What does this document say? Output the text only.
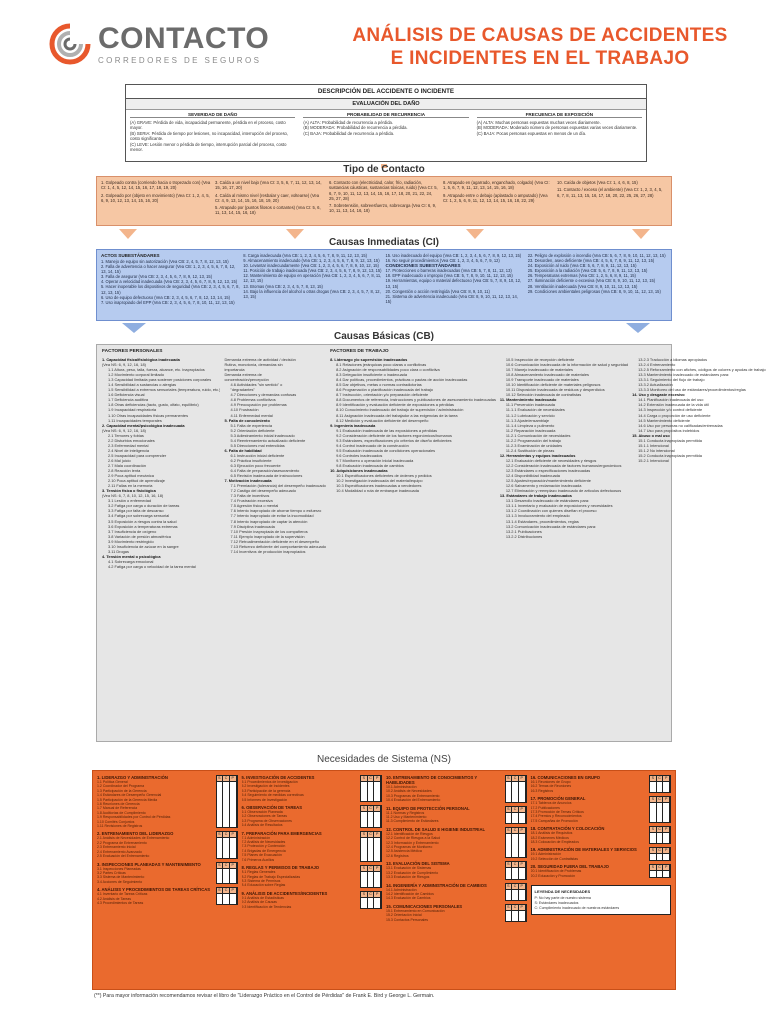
CONTACTO
CORREDORES DE SEGUROS
ANÁLISIS DE CAUSAS DE ACCIDENTES
E INCIDENTES EN EL TRABAJO
DESCRIPCIÓN DEL ACCIDENTE O INCIDENTE
EVALUACIÓN DEL DAÑO
SEVERIDAD DE DAÑO
(A) GRAVE: Pérdida de vida, incapacidad permanente, pérdida en el proceso, costo mayor.
(B) SERIA: Pérdida de tiempo por lesiones, no incapacidad, interrupción del proceso, costo significante.
(C) LEVE: Lesión menor o pérdida de tiempo, interrupción parcial del proceso, costo menor.
PROBABILIDAD DE RECURRENCIA
(A) ALTA: Probabilidad de recurrencia a pérdida.
(B) MODERADA: Probabilidad de recurrencia a pérdida.
(C) BAJA: Probabilidad de recurrencia a pérdida.
FRECUENCIA DE EXPOSICIÓN
(A) ALTA: Muchas personas expuestas muchas veces diariamente.
(B) MODERADA: Moderado número de personas expuestas varias veces diariamente.
(C) BAJA: Pocas personas expuestas en menos de un día.
Tipo de Contacto
1. Golpeado contra (corriendo hacia o tropezado con) (Vea CI: 1, 4, 5, 12, 14, 15, 16, 17, 18, 19, 20)
2. Golpeado por (objeto en movimiento) (Vea CI: 1, 2, 4, 5, 6, 9, 10, 12, 13, 14, 15, 16, 20)
3. Caída a un nivel bajo (Vea CI: 3, 5, 6, 7, 11, 12, 13, 14, 15, 16, 17, 20)
4. Caída al mismo nivel (resbalar y caer, voltearse) (Vea CI: 4, 9, 13, 14, 15, 16, 18, 19, 20)
5. Atrapado por (puntos filosos o cortantes) (Vea CI: 5, 6, 11, 13, 14, 15, 16, 18)
6. Contacto con (electricidad, calor, frío, radiación, sustancias cáusticas, sustancias tóxicas, ruido) (Vea CI: 5, 6, 7, 9, 10, 11, 12, 13, 14, 15, 16, 17, 18, 20, 21, 22, 24, 25, 27, 28)
7. Sobretensión, sobreesfuerzo, sobrecarga (Vea CI: 6, 9, 10, 11, 13, 14, 16, 18)
8. Atrapado en (agarrado, enganchado, colgado) (Vea CI: 1, 5, 6, 7, 9, 11, 12, 13, 14, 15, 16, 18)
9. Atrapado entre o debajo (aplastado o amputado) (Vea CI: 1, 2, 5, 6, 9, 11, 12, 13, 14, 15, 16, 18, 22, 29)
10. Caída de objetos (Vea CI: 1, 4, 6, 8, 15)
11. Contacto / exceso (el ambiente) (Vea CI: 1, 2, 3, 4, 5, 6, 7, 8, 11, 13, 15, 16, 17, 18, 20, 22, 25, 26, 27, 28)
Causas Inmediatas (CI)
ACTOS SUBESTÁNDARES
1. Manejo de equipo sin autorización (Vea CB: 2, 4, 5, 7, 8, 12, 13, 15)
2. Falla de advertencia o hacer asegurar (Vea CB: 1, 2, 3, 4, 5, 6, 7, 8, 12, 13, 14, 15)
3. Falla de asegurar (Vea CB: 2, 3, 4, 5, 6, 7, 8, 9, 12, 13, 15)
4. Operar a velocidad inadecuada (Vea CB: 2, 3, 4, 5, 6, 7, 8, 9, 12, 13, 15)
5. Hacer inoperable los dispositivos de seguridad (Vea CB: 2, 3, 4, 5, 6, 7, 8, 12, 13, 15)
6. Uso de equipo defectuoso (Vea CB: 2, 3, 4, 5, 6, 7, 8, 12, 13, 14, 15)
7. Uso inapropiado del EPP (Vea CB: 2, 3, 4, 5, 6, 7, 8, 10, 11, 12, 13, 15)
8. Carga inadecuada (Vea CB: 1, 2, 3, 4, 5, 6, 7, 8, 9, 11, 12, 13, 15)
9. Almacenamiento inadecuado (Vea CB: 1, 2, 3, 4, 5, 6, 7, 8, 9, 12, 13, 15)
10. Levantar inadecuadamente (Vea CB: 1, 2, 3, 4, 5, 6, 7, 8, 9, 10, 12, 15)
11. Posición de trabajo inadecuada (Vea CB: 2, 3, 4, 5, 6, 7, 8, 9, 12, 13, 15)
12. Mantenimiento de equipo en operación (Vea CB: 1, 2, 3, 4, 5, 6, 7, 8, 11, 12, 13, 15)
13. Bromas (Vea CB: 2, 3, 4, 5, 7, 8, 13, 15)
14. Bajo la influencia del alcohol u otras drogas (Vea CB: 2, 3, 4, 5, 7, 8, 12, 13, 15)
15. Uso inadecuado del equipo (Vea CB: 1, 2, 3, 4, 5, 6, 7, 8, 9, 12, 13, 15)
16. No seguir procedimientos (Vea CB: 1, 2, 3, 4, 5, 6, 7, 9, 12)
CONDICIONES SUBESTÁNDARES
17. Protecciones o barreras inadecuadas (Vea CB: 5, 7, 8, 11, 12, 13)
18. EPP inadecuado o impropio (Vea CB: 5, 7, 8, 9, 10, 11, 12, 13, 15)
19. Herramientas, equipo o material defectuoso (Vea CB: 5, 7, 8, 9, 10, 12, 13, 15)
20. Congestión o acción restringida (Vea CB: 8, 9, 10, 11)
21. Sistema de advertencia inadecuado (Vea CB: 8, 9, 10, 11, 12, 13, 14, 15)
22. Peligro de explosión o incendio (Vea CB: 5, 6, 7, 8, 9, 10, 11, 12, 13, 15)
23. Desorden, aseo deficiente (Vea CB: 4, 5, 6, 7, 8, 9, 11, 12, 13, 15)
24. Exposición al ruido (Vea CB: 5, 6, 7, 8, 9, 11, 12, 13, 15)
25. Exposición a la radiación (Vea CB: 5, 6, 7, 8, 9, 11, 12, 13, 15)
26. Temperaturas extremas (Vea CB: 1, 2, 5, 6, 8, 9, 11, 15)
27. Iluminación deficiente o excesiva (Vea CB: 8, 9, 10, 11, 12, 13, 15)
28. Ventilación inadecuada (Vea CB: 8, 9, 10, 11, 12, 13, 15)
29. Condiciones ambientales peligrosas (Vea CB: 8, 9, 10, 11, 12, 13, 15)
Causas Básicas (CB)
FACTORES PERSONALES
1. Capacidad física/fisiológica inadecuada
(Vea NS: 6, 9, 12, 16, 18)
1.1 Altura, peso, talla, fuerza, alcance, etc. inapropiados
1.2 Movimiento corporal limitado
1.3 Capacidad limitada para sostener posiciones corporales
1.4 Sensibilidad a sustancias o alergias
1.5 Sensibilidad a extremos sensoriales (temperatura, ruido, etc.)
1.6 Deficiencia visual
1.7 Deficiencia auditiva
1.8 Otras deficiencias (tacto, gusto, olfato, equilibrio)
1.9 Incapacidad respiratoria
1.10 Otras incapacidades físicas permanentes
1.11 Incapacidades temporales
2. Capacidad mental/psicológica inadecuada
(Vea NS: 6, 9, 12, 16, 18)
2.1 Temores y fobias
2.2 Disturbios emocionales
2.3 Enfermedad mental
2.4 Nivel de inteligencia
2.5 Incapacidad para comprender
2.6 Mal juicio
2.7 Mala coordinación
2.8 Reacción lenta
2.9 Poca aptitud mecánica
2.10 Poca aptitud de aprendizaje
2.11 Fallas en la memoria
3. Tensión física o fisiológica
(Vea NS: 6, 7, 8, 10, 12, 15, 16, 18)
3.1 Lesión o enfermedad
3.2 Fatiga por carga o duración de tareas
3.3 Fatiga por falta de descanso
3.4 Fatiga por sobrecarga sensorial
3.5 Exposición a riesgos contra la salud
3.6 Exposición a temperaturas extremas
3.7 Insuficiencia de oxígeno
3.8 Variación de presión atmosférica
3.9 Movimiento restringido
3.10 Insuficiencia de azúcar en la sangre
3.11 Drogas
4. Tensión mental o psicológica
4.1 Sobrecarga emocional
4.2 Fatiga por carga o velocidad de la tarea mental

Demanda extrema de actividad / decisión
Rutina, monotonía, demandas sin
importancia
Demanda extrema de
concentración/percepción
4.6 Actividades "sin sentido" o
"degradantes"
4.7 Direcciones y demandas confusas
4.8 Problemas conflictivos
4.9 Preocupación por problemas
4.10 Frustración
4.11 Enfermedad mental
5. Falta de conocimiento
5.1 Falta de experiencia
5.2 Orientación deficiente
5.3 Adiestramiento inicial inadecuado
5.4 Reentrenamiento actualizado deficiente
5.5 Direcciones mal entendidas
6. Falta de habilidad
6.1 Instrucción inicial deficiente
6.2 Práctica insuficiente
6.3 Ejecución poco frecuente
6.4 Falta de preparación/asesoramiento
6.5 Revisión inadecuada de instrucciones
7. Motivación inadecuada
7.1 Premiación (tolerancia) del desempeño inadecuado
7.2 Castigo del desempeño adecuado
7.3 Falta de incentivos
7.4 Frustración excesiva
7.5 Agresión física o mental
7.6 Intento inapropiado de ahorrar tiempo o esfuerzo
7.7 Intento inapropiado de evitar la incomodidad
7.8 Intento inapropiado de captar la atención
7.9 Disciplina inadecuada
7.10 Presión inapropiada de los compañeros
7.11 Ejemplo inapropiado de la supervisión
7.12 Retroalimentación deficiente en el desempeño
7.13 Refuerzo deficiente del comportamiento adecuado
7.14 Incentivos de producción inapropiados
FACTORES DE TRABAJO
8. Liderazgo y/o supervisión inadecuados
8.1 Relaciones jerárquicas poco claras o conflictivas
8.2 Asignación de responsabilidades poco clara o conflictiva
8.3 Delegación insuficiente o inadecuada
8.4 Dar políticas, procedimientos, prácticas o pautas de acción inadecuadas
8.5 Dar objetivos, metas o normas contradictorias
8.6 Programación o planificación inadecuada del trabajo
8.7 Instrucción, orientación y/o preparación deficiente
8.8 Documentos de referencia, instrucciones y publicaciones de asesoramiento inadecuadas
8.9 Identificación y evaluación deficiente de exposiciones a pérdidas
8.10 Conocimiento inadecuado del trabajo de supervisión / administración
8.11 Asignación inadecuada del trabajador a las exigencias de la tarea
8.12 Medición y evaluación deficiente del desempeño
9. Ingeniería inadecuada
9.1 Evaluación inadecuada de las exposiciones a pérdidas
9.2 Consideración deficiente de los factores ergonómicos/humanos
9.3 Estándares, especificaciones y/o criterios de diseño deficientes
9.4 Control inadecuado de la construcción
9.5 Evaluación inadecuada de condiciones operacionales
9.6 Controles inadecuados
9.7 Monitoreo u operación inicial inadecuada
9.8 Evaluación inadecuada de cambios
10. Adquisiciones inadecuadas
10.1 Especificaciones deficientes de órdenes y pedidos
10.2 Investigación inadecuada del material/equipo
10.3 Especificaciones inadecuadas a vendedores
10.4 Modalidad o ruta de embarque inadecuada

10.5 Inspección de recepción deficiente
10.6 Comunicación inadecuada de la información de salud y seguridad
10.7 Manejo inadecuado de materiales
10.8 Almacenamiento inadecuado de materiales
10.9 Transporte inadecuado de materiales
10.10 Identificación deficiente de materiales peligrosos
10.11 Disposición inadecuada de residuos y desperdicios
10.12 Selección inadecuada de contratistas
11. Mantenimiento inadecuado
11.1 Prevención inadecuada
11.1.1 Evaluación de necesidades
11.1.2 Lubricación y servicio
11.1.3 Ajuste/ensamblaje
11.1.4 Limpieza o pulimento
11.2 Reparación inadecuada
11.2.1 Comunicación de necesidades
11.2.2 Programación del trabajo
11.2.3 Examinación de unidades
11.2.4 Sustitución de piezas
12. Herramientas y equipos inadecuados
12.1 Evaluación deficiente de necesidades y riesgos
12.2 Consideración inadecuada de factores humanos/ergonómicos
12.3 Estándares o especificaciones inadecuadas
12.4 Disponibilidad inadecuada
12.5 Ajustes/reparación/mantenimiento deficiente
12.6 Salvamento y reclamación inadecuada
12.7 Eliminación y reemplazo inadecuado de artículos defectuosos
13. Estándares de trabajo inadecuados
13.1 Desarrollo inadecuado de estándares para:
13.1.1 Inventario y evaluación de exposiciones y necesidades
13.1.2 Coordinación con quienes diseñan el proceso
13.1.3 Involucramiento del empleado
13.1.4 Estándares, procedimientos, reglas
13.2 Comunicación inadecuada de estándares para:
13.2.1 Publicaciones
13.2.2 Distribuciones

13.2.3 Traducción a idiomas apropiados
13.2.4 Entrenamiento
13.2.5 Reforzamiento con afiches, códigos de colores y ayudas de trabajo
13.3 Mantenimiento inadecuado de estándares para:
13.3.1 Seguimiento del flujo de trabajo
13.3.2 Actualización
13.3.3 Monitoreo del uso de estándares/procedimientos/reglas
14. Uso y desgaste excesivo
14.1 Planificación inadecuada del uso
14.2 Extensión inadecuada de la vida útil
14.3 Inspección y/o control deficiente
14.4 Carga o proporción de uso deficiente
14.5 Mantenimiento deficiente
14.6 Uso por personas no calificadas/entrenadas
14.7 Uso para propósitos indebidos
15. Abuso o mal uso
15.1 Conducta inapropiada permitida
15.1.1 Intencional
15.1.2 No intencional
15.2 Conducta inapropiada permitida
15.2.1 Intencional
Necesidades de Sistema (NS)
1. LIDERAZGO Y ADMINISTRACIÓN
1.1 Política General
1.2 Coordinador del Programa
1.3 Participación de la Gerencia
1.4 Estándares de Desempeño Gerencial
1.5 Participación de la Gerencia Media
1.6 Reuniones de Gerencia
1.7 Manual de Referencia
1.8 Auditorías de Cumplimiento
1.9 Responsabilidades por Control de Pérdidas
1.10 Comités Conjuntos
1.11 Revisiones de Registros
S	C	P
2. ENTRENAMIENTO DEL LIDERAZGO
2.1 Análisis de Necesidades de Entrenamiento
2.2 Programa de Entrenamiento
2.3 Entrenamiento Inicial
2.4 Entrenamiento Avanzado
2.5 Evaluación del Entrenamiento
S	C	P
3. INSPECCIONES PLANEADAS Y MANTENIMIENTO
3.1 Inspecciones Planeadas
3.2 Partes Críticas
3.3 Sistema de Mantenimiento
3.4 Acciones de Seguimiento
S	C	P
4. ANÁLISIS Y PROCEDIMIENTOS DE TAREAS CRÍTICAS
4.1 Inventario de Tareas Críticas
4.2 Análisis de Tareas
4.3 Procedimientos de Tareas
S	C	P
5. INVESTIGACIÓN DE ACCIDENTES
5.1 Procedimientos de Investigación
5.2 Investigación de Incidentes
5.3 Participación de la gerencia
5.4 Seguimiento de medidas correctivas
5.5 Informes de Investigación
S	C	P
6. OBSERVACIÓN DE TAREAS
6.1 Observación Planeada
6.2 Observaciones de Tareas
6.3 Programa de Observaciones
6.4 Análisis de Resultados
S	C	P
7. PREPARACIÓN PARA EMERGENCIAS
7.1 Administración
7.2 Análisis de Necesidades
7.3 Protección y Contención
7.4 Brigadas de Emergencia
7.5 Planes de Evacuación
7.6 Primeros Auxilios
S	C	P
8. REGLAS Y PERMISOS DE TRABAJO
8.1 Reglas Generales
8.2 Reglas de Trabajo Especializadas
8.3 Sistema de Permisos
8.4 Educación sobre Reglas
S	C	P
9. ANÁLISIS DE ACCIDENTES/INCIDENTES
9.1 Análisis de Estadísticas
9.2 Análisis de Causas
9.3 Identificación de Tendencias
S	C	P
10. ENTRENAMIENTO DE CONOCIMIENTOS Y HABILIDADES
10.1 Administración
10.2 Análisis de Necesidades
10.3 Programas de Entrenamiento
10.4 Evaluación del Entrenamiento
S	C	P
11. EQUIPO DE PROTECCIÓN PERSONAL
11.1 Normas y Registros
11.2 Uso y Mantenimiento
11.3 Cumplimiento de Estándares
S	C	P
12. CONTROL DE SALUD E HIGIENE INDUSTRIAL
12.1 Identificación de Riesgos
12.2 Control de Riesgos a la Salud
12.3 Información y Entrenamiento
12.4 Programas de Monitoreo
12.5 Asistencia Médica
12.6 Registros
S	C	P
13. EVALUACIÓN DEL SISTEMA
13.1 Evaluación de Sistemas
13.2 Evaluación de Cumplimiento
13.3 Evaluación de Riesgos
S	C	P
14. INGENIERÍA Y ADMINISTRACIÓN DE CAMBIOS
14.1 Administración
14.2 Identificación de Cambios
14.3 Evaluación de Cambios
S	C	P
15. COMUNICACIONES PERSONALES
15.1 Entrenamiento en Comunicación
15.2 Orientación Inicial
15.3 Contactos Personales
S	C	P
16. COMUNICACIONES EN GRUPO
16.1 Reuniones de Grupo
16.2 Temas de Reuniones
16.3 Registros
S	C	P
17. PROMOCIÓN GENERAL
17.1 Tableros de Anuncios
17.2 Publicaciones
17.3 Promoción de Temas Críticos
17.4 Premios y Reconocimientos
17.5 Campañas de Promoción
S	C	P
18. CONTRATACIÓN Y COLOCACIÓN
18.1 Análisis de Requisitos
18.2 Exámenes Médicos
18.3 Colocación de Empleados
S	C	P
19. ADMINISTRACIÓN DE MATERIALES Y SERVICIOS
19.1 Administración
19.2 Selección de Contratistas
S	C	P
20. SEGURIDAD FUERA DEL TRABAJO
20.1 Identificación de Problemas
20.2 Educación y Promoción
S	C	P
LEYENDA DE NECESIDADES
P: No hay parte de nuestro sistema
S: Estándares inadecuados
C: Cumplimiento inadecuado de nuestros estándares
(**) Para mayor información recomendamos revisar el libro de "Liderazgo Práctico en el Control de Pérdidas" de Frank E. Bird y George L. Germain.
